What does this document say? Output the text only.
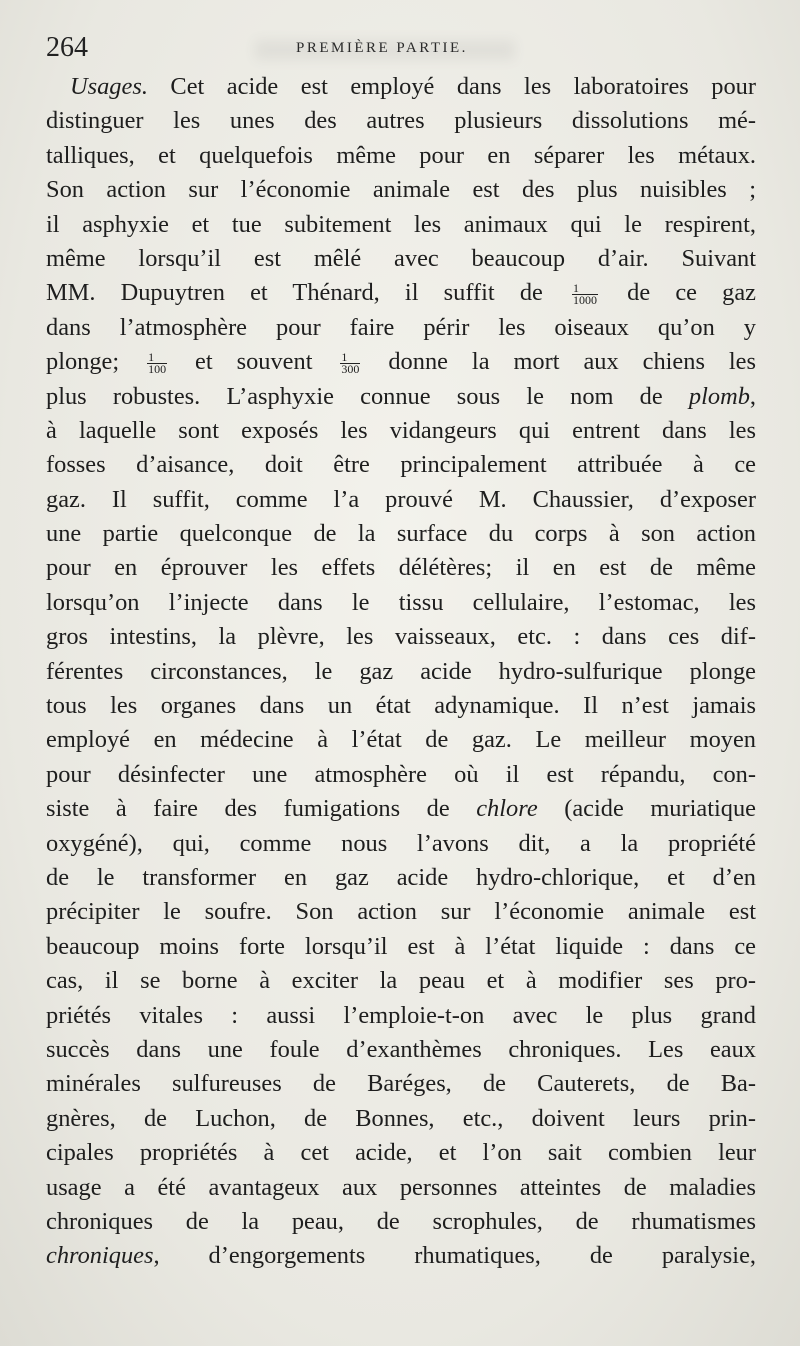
264	PREMIÈRE PARTIE.
Usages. Cet acide est employé dans les laboratoires pour
distinguer les unes des autres plusieurs dissolutions mé-
talliques, et quelquefois même pour en séparer les métaux.
Son action sur l’économie animale est des plus nuisibles ;
il asphyxie et tue subitement les animaux qui le respirent,
même lorsqu’il est mêlé avec beaucoup d’air. Suivant
MM. Dupuytren et Thénard, il suffit de $\frac{1}{1000}$ de ce gaz
dans l’atmosphère pour faire périr les oiseaux qu’on y
plonge; $\frac{1}{100}$ et souvent $\frac{1}{300}$ donne la mort aux chiens les
plus robustes. L’asphyxie connue sous le nom de plomb,
à laquelle sont exposés les vidangeurs qui entrent dans les
fosses d’aisance, doit être principalement attribuée à ce
gaz. Il suffit, comme l’a prouvé M. Chaussier, d’exposer
une partie quelconque de la surface du corps à son action
pour en éprouver les effets délétères; il en est de même
lorsqu’on l’injecte dans le tissu cellulaire, l’estomac, les
gros intestins, la plèvre, les vaisseaux, etc. : dans ces dif-
férentes circonstances, le gaz acide hydro-sulfurique plonge
tous les organes dans un état adynamique. Il n’est jamais
employé en médecine à l’état de gaz. Le meilleur moyen
pour désinfecter une atmosphère où il est répandu, con-
siste à faire des fumigations de chlore (acide muriatique
oxygéné), qui, comme nous l’avons dit, a la propriété
de le transformer en gaz acide hydro-chlorique, et d’en
précipiter le soufre. Son action sur l’économie animale est
beaucoup moins forte lorsqu’il est à l’état liquide : dans ce
cas, il se borne à exciter la peau et à modifier ses pro-
priétés vitales : aussi l’emploie-t-on avec le plus grand
succès dans une foule d’exanthèmes chroniques. Les eaux
minérales sulfureuses de Baréges, de Cauterets, de Ba-
gnères, de Luchon, de Bonnes, etc., doivent leurs prin-
cipales propriétés à cet acide, et l’on sait combien leur
usage a été avantageux aux personnes atteintes de maladies
chroniques de la peau, de scrophules, de rhumatismes
chroniques, d’engorgements rhumatiques, de paralysie,
